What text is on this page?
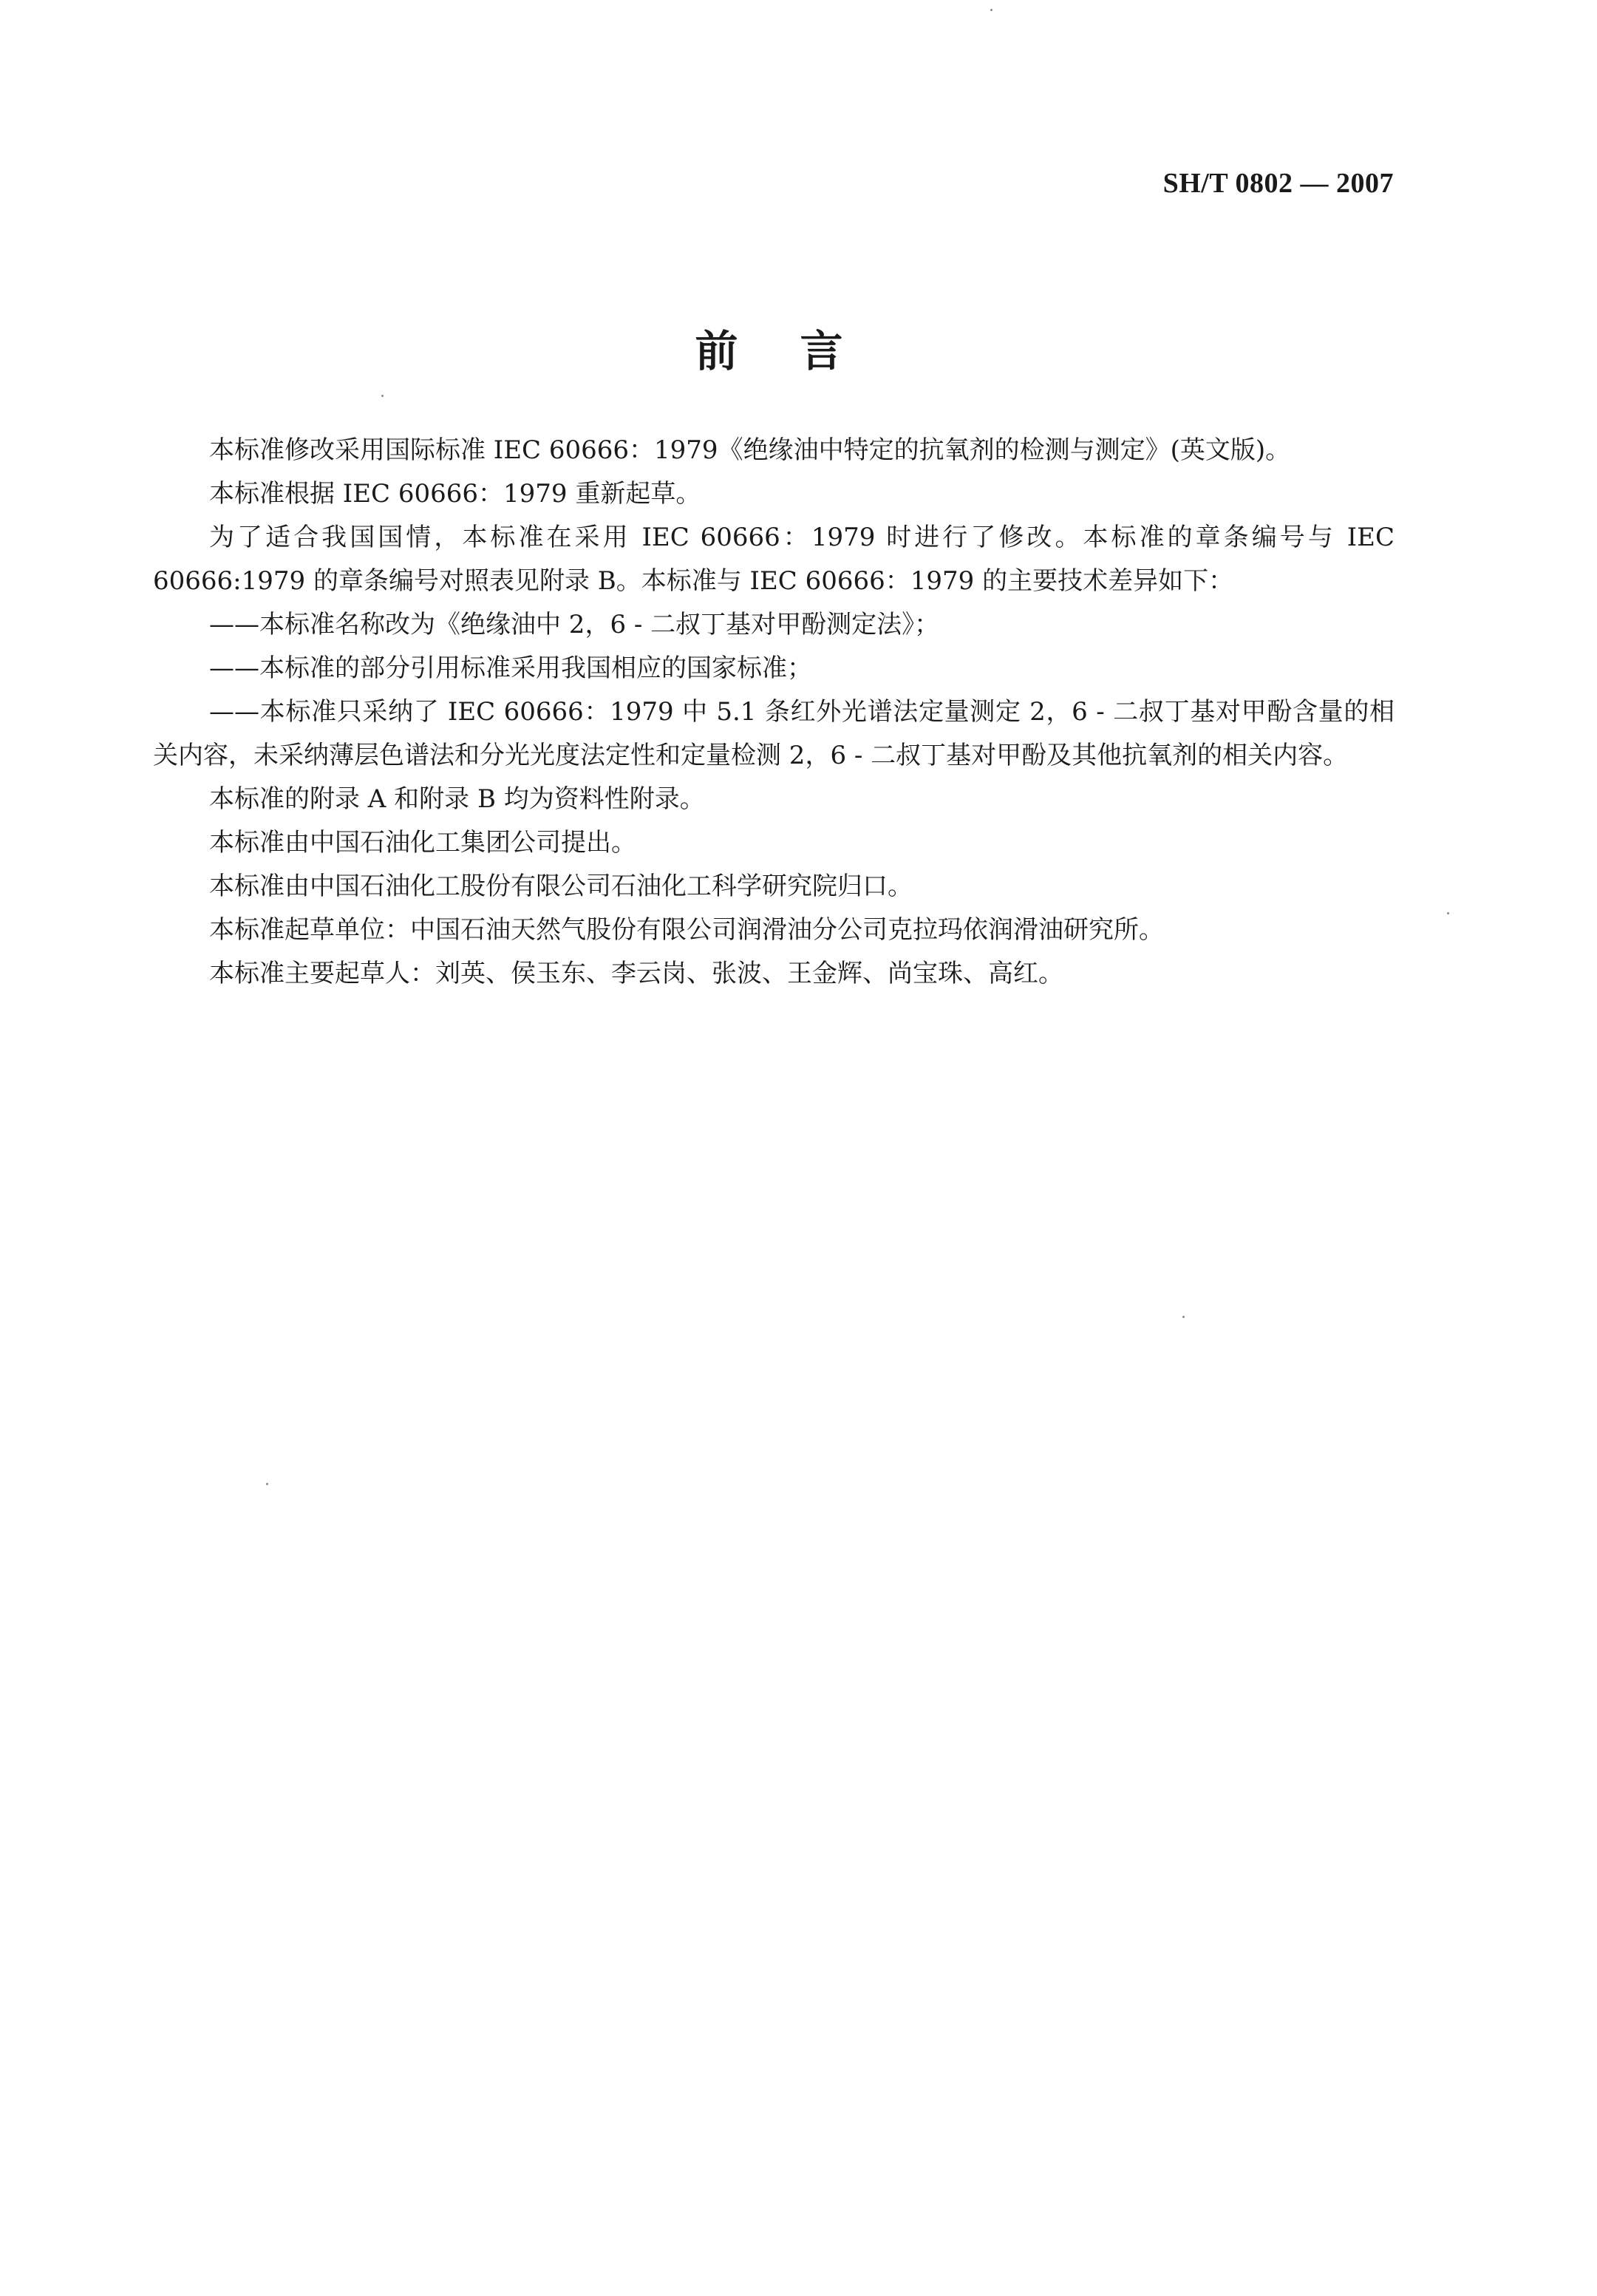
SH/T 0802 — 2007
前言

本标准修改采用国际标准 IEC 60666：1979《绝缘油中特定的抗氧剂的检测与测定》(英文版)。

本标准根据 IEC 60666：1979 重新起草。

为了适合我国国情，本标准在采用 IEC 60666：1979 时进行了修改。本标准的章条编号与 IEC 60666:1979 的章条编号对照表见附录 B。本标准与 IEC 60666：1979 的主要技术差异如下：

——本标准名称改为《绝缘油中 2，6 - 二叔丁基对甲酚测定法》；

——本标准的部分引用标准采用我国相应的国家标准；

——本标准只采纳了 IEC 60666：1979 中 5.1 条红外光谱法定量测定 2，6 - 二叔丁基对甲酚含量的相关内容，未采纳薄层色谱法和分光光度法定性和定量检测 2，6 - 二叔丁基对甲酚及其他抗氧剂的相关内容。

本标准的附录 A 和附录 B 均为资料性附录。

本标准由中国石油化工集团公司提出。

本标准由中国石油化工股份有限公司石油化工科学研究院归口。

本标准起草单位：中国石油天然气股份有限公司润滑油分公司克拉玛依润滑油研究所。

本标准主要起草人：刘英、侯玉东、李云岗、张波、王金辉、尚宝珠、高红。
